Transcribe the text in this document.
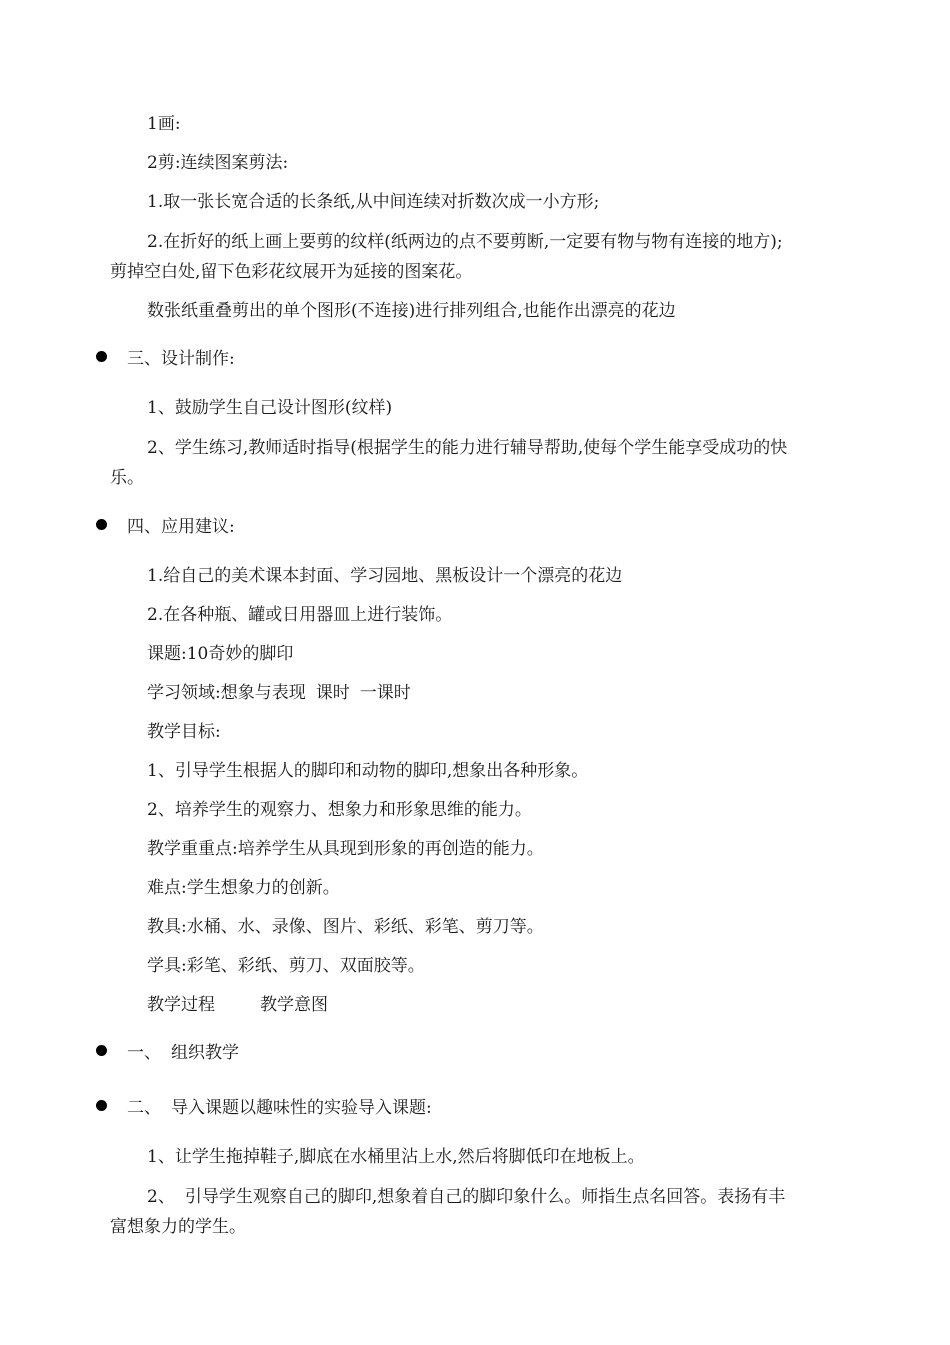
1画:
2剪:连续图案剪法:
1.取一张长宽合适的长条纸,从中间连续对折数次成一小方形;
2.在折好的纸上画上要剪的纹样(纸两边的点不要剪断,一定要有物与物有连接的地方);
剪掉空白处,留下色彩花纹展开为延接的图案花。
数张纸重叠剪出的单个图形(不连接)进行排列组合,也能作出漂亮的花边
三、设计制作:
1、鼓励学生自己设计图形(纹样)
2、学生练习,教师适时指导(根据学生的能力进行辅导帮助,使每个学生能享受成功的快
乐。
四、应用建议:
1.给自己的美术课本封面、学习园地、黑板设计一个漂亮的花边
2.在各种瓶、罐或日用器皿上进行装饰。
课题:10奇妙的脚印
学习领域:想象与表现 课时 一课时
教学目标:
1、引导学生根据人的脚印和动物的脚印,想象出各种形象。
2、培养学生的观察力、想象力和形象思维的能力。
教学重重点:培养学生从具现到形象的再创造的能力。
难点:学生想象力的创新。
教具:水桶、水、录像、图片、彩纸、彩笔、剪刀等。
学具:彩笔、彩纸、剪刀、双面胶等。
教学过程	教学意图
一、 组织教学
二、 导入课题以趣味性的实验导入课题:
1、让学生拖掉鞋子,脚底在水桶里沾上水,然后将脚低印在地板上。
2、 引导学生观察自己的脚印,想象着自己的脚印象什么。师指生点名回答。表扬有丰
富想象力的学生。
